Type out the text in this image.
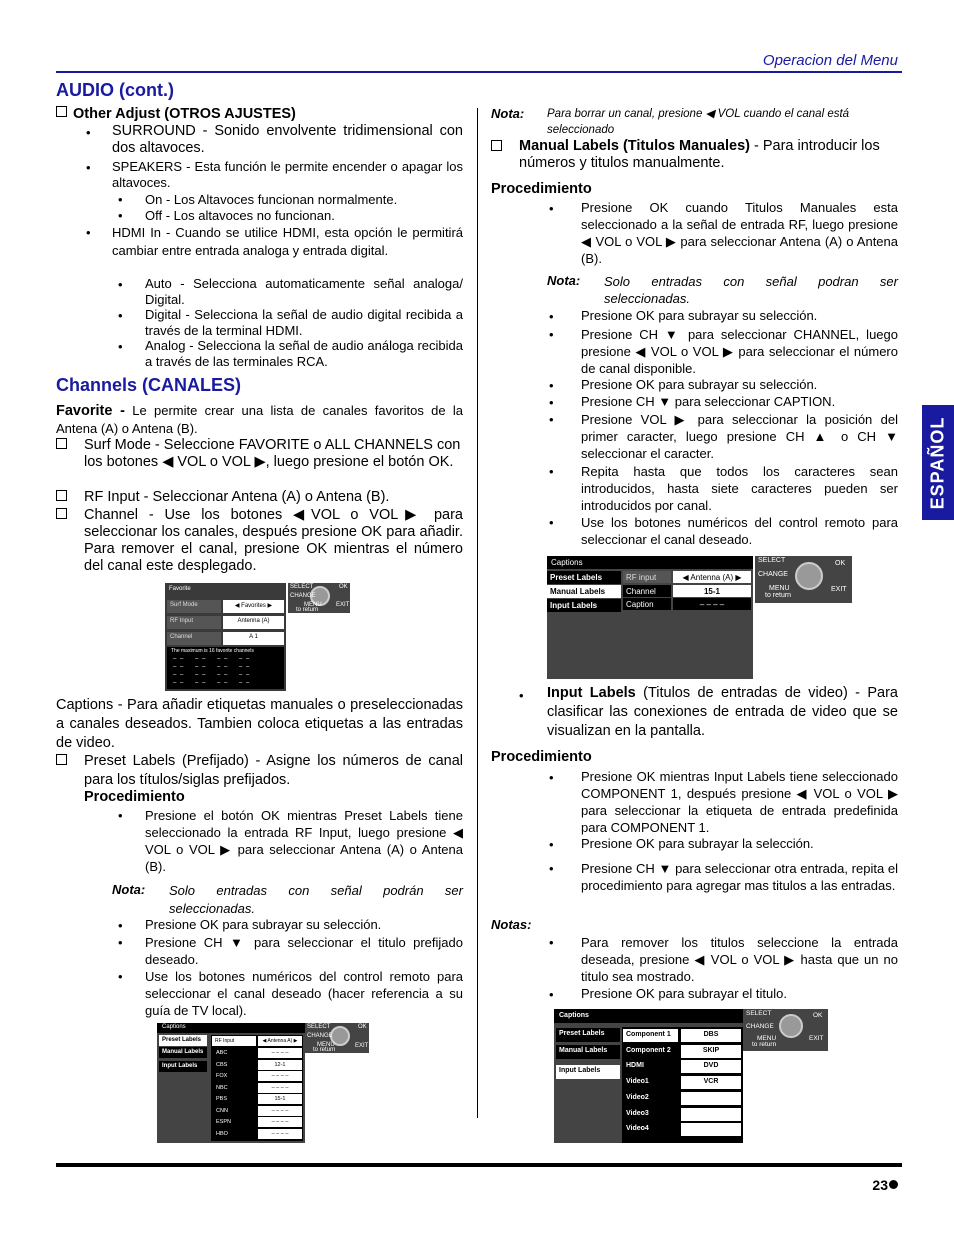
Operacion del Menu
ESPAÑOL
AUDIO (cont.)
Other Adjust (OTROS AJUSTES)
• SURROUND - Sonido envolvente tridimensional con dos altavoces.
• SPEAKERS - Esta función le permite encender o apagar los altavoces.
• On - Los Altavoces funcionan normalmente.
• Off - Los altavoces no funcionan.
• HDMI In - Cuando se utilice HDMI, esta opción le permitirá cambiar entre entrada analoga y entrada digital.
• Auto - Selecciona automaticamente señal analoga/ Digital.
• Digital - Selecciona la señal de audio digital recibida a través de la terminal HDMI.
• Analog - Selecciona la señal de audio análoga recibida a través de las terminales RCA.
Channels (CANALES)
Favorite - Le permite crear una lista de canales favoritos de la Antena (A) o Antena (B).
Surf Mode - Seleccione FAVORITE o ALL CHANNELS con los botones ◀ VOL o VOL ▶, luego presione el botón OK.
RF Input - Seleccionar Antena (A) o Antena (B).
Channel - Use los botones ◀VOL o VOL▶ para seleccionar los canales, después presione OK para añadir. Para remover el canal, presione OK mientras el número del canal este desplegado.
Favorite
Surf Mode	◀ Favorites ▶
RF Input	Antenna (A)
Channel	A 1
The maximum is 16 favorite channels
– –    – –    – –    – –
– –    – –    – –    – –
– –    – –    – –    – –
– –    – –    – –    – –
SELECT
CHANGE
OK
MENU
to return
EXIT
Captions - Para añadir etiquetas manuales o preseleccionadas a canales deseados. Tambien coloca etiquetas a las entradas de video.
Preset Labels (Prefijado) - Asigne los números de canal para los títulos/siglas prefijados.
Procedimiento
• Presione el botón OK mientras Preset Labels tiene seleccionado la entrada RF Input, luego presione ◀ VOL o VOL ▶ para seleccionar Antena (A) o Antena (B).
Nota: Solo entradas con señal podrán ser seleccionadas.
• Presione OK para subrayar su selección.
• Presione CH ▼ para seleccionar el titulo prefijado deseado.
• Use los botones numéricos del control remoto para seleccionar el canal deseado (hacer referencia a su guía de TV local).
Captions
Preset Labels
Manual Labels
Input Labels
RF Input	◀ Antenna A) ▶
ABC	– – – –
CBS	12-1
FOX	– – – –
NBC	– – – –
PBS	15-1
CNN	– – – –
ESPN	– – – –
HBO	– – – –
SELECT
CHANGE
OK
MENU
to return
EXIT
Nota: Para borrar un canal, presione ◀ VOL cuando el canal está seleccionado
Manual Labels (Titulos Manuales) - Para introducir los números y titulos manualmente.
Procedimiento
• Presione OK cuando Titulos Manuales esta seleccionado a la señal de entrada RF, luego presione ◀ VOL o VOL ▶ para seleccionar Antena (A) o Antena (B).
Nota: Solo entradas con señal podran ser seleccionadas.
• Presione OK para subrayar su selección.
• Presione CH ▼ para seleccionar CHANNEL, luego presione ◀ VOL o VOL ▶ para seleccionar el número de canal disponible.
• Presione OK para subrayar su selección.
• Presione CH ▼ para seleccionar CAPTION.
• Presione VOL ▶ para seleccionar la posición del primer caracter, luego presione CH ▲ o CH ▼ seleccionar el caracter.
• Repita hasta que todos los caracteres sean introducidos, hasta siete caracteres pueden ser introducidos por canal.
• Use los botones numéricos del control remoto para seleccionar el canal deseado.
Captions
Preset Labels
Manual Labels
Input Labels
RF input	◀ Antenna (A) ▶
Channel	15-1
Caption	– – – –
SELECT
CHANGE
OK
MENU
to return
EXIT
• Input Labels (Titulos de entradas de video) - Para clasificar las conexiones de entrada de video que se visualizan en la pantalla.
Procedimiento
• Presione OK mientras Input Labels tiene seleccionado COMPONENT 1, después presione ◀ VOL o VOL ▶ para seleccionar la etiqueta de entrada predefinida para COMPONENT 1.
• Presione OK para subrayar la selección.
• Presione CH ▼ para seleccionar otra entrada, repita el procedimiento para agregar mas titulos a las entradas.
Notas:
• Para remover los titulos seleccione la entrada deseada, presione ◀ VOL o VOL ▶ hasta que un no titulo sea mostrado.
• Presione OK para subrayar el titulo.
Captions
Preset Labels
Manual Labels
Input Labels
Component 1	DBS
Component 2	SKIP
HDMI	DVD
Video1	VCR
Video2
Video3
Video4
SELECT
CHANGE
OK
MENU
to return
EXIT
23
